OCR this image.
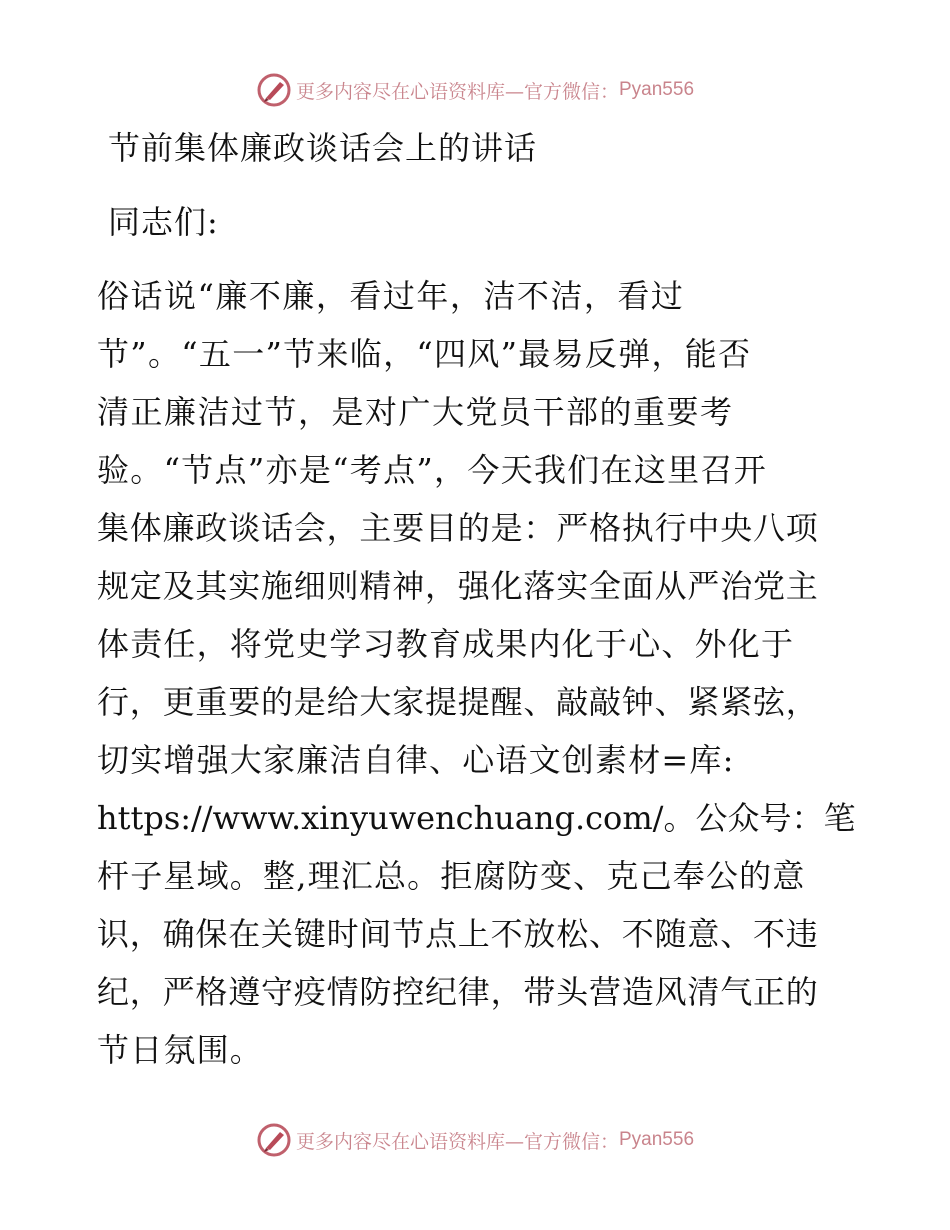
更多内容尽在心语资料库—官方微信： Pyan556
节前集体廉政谈话会上的讲话
同志们:
俗话说“廉不廉，看过年，洁不洁，看过
节”。“五一”节来临，“四风”最易反弹，能否
清正廉洁过节，是对广大党员干部的重要考
验。“节点”亦是“考点”，今天我们在这里召开
集体廉政谈话会，主要目的是：严格执行中央八项
规定及其实施细则精神，强化落实全面从严治党主
体责任，将党史学习教育成果内化于心、外化于
行，更重要的是给大家提提醒、敲敲钟、紧紧弦，
切实增强大家廉洁自律、心语文创素材=库:
https://www.xinyuwenchuang.com/。公众号：笔
杆子星域。整,理汇总。拒腐防变、克己奉公的意
识，确保在关键时间节点上不放松、不随意、不违
纪，严格遵守疫情防控纪律，带头营造风清气正的
节日氛围。
更多内容尽在心语资料库—官方微信： Pyan556
